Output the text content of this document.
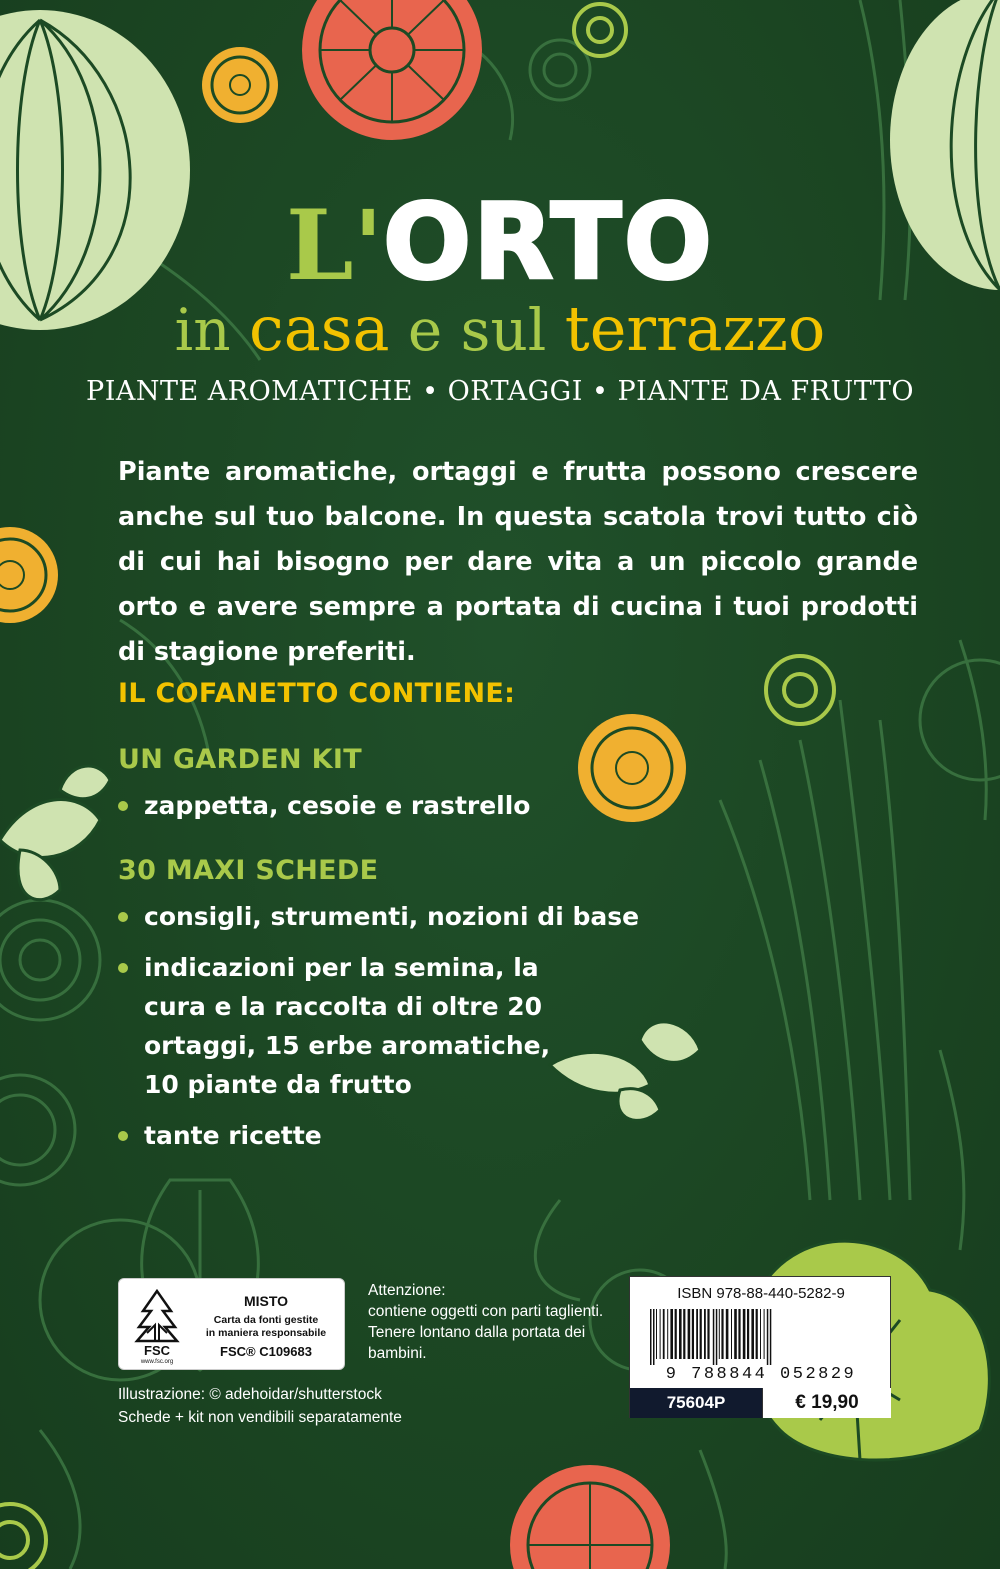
L'ORTO
in casa e sul terrazzo
PIANTE AROMATICHE • ORTAGGI • PIANTE DA FRUTTO

Piante aromatiche, ortaggi e frutta possono crescere anche sul tuo balcone. In questa scatola trovi tutto ciò di cui hai bisogno per dare vita a un piccolo grande orto e avere sempre a portata di cucina i tuoi prodotti di stagione preferiti.

IL COFANETTO CONTIENE:
UN GARDEN KIT
zappetta, cesoie e rastrello
30 MAXI SCHEDE
consigli, strumenti, nozioni di base
indicazioni per la semina, la cura e la raccolta di oltre 20 ortaggi, 15 erbe aromatiche, 10 piante da frutto
tante ricette
FSC
www.fsc.org
MISTO
Carta da fonti gestite
in maniera responsabile
FSC® C109683
Attenzione:
contiene oggetti con parti taglienti. Tenere lontano dalla portata dei bambini.
Illustrazione: © adehoidar/shutterstock
Schede + kit non vendibili separatamente
ISBN 978-88-440-5282-9
9 788844 052829
75604P	€ 19,90
